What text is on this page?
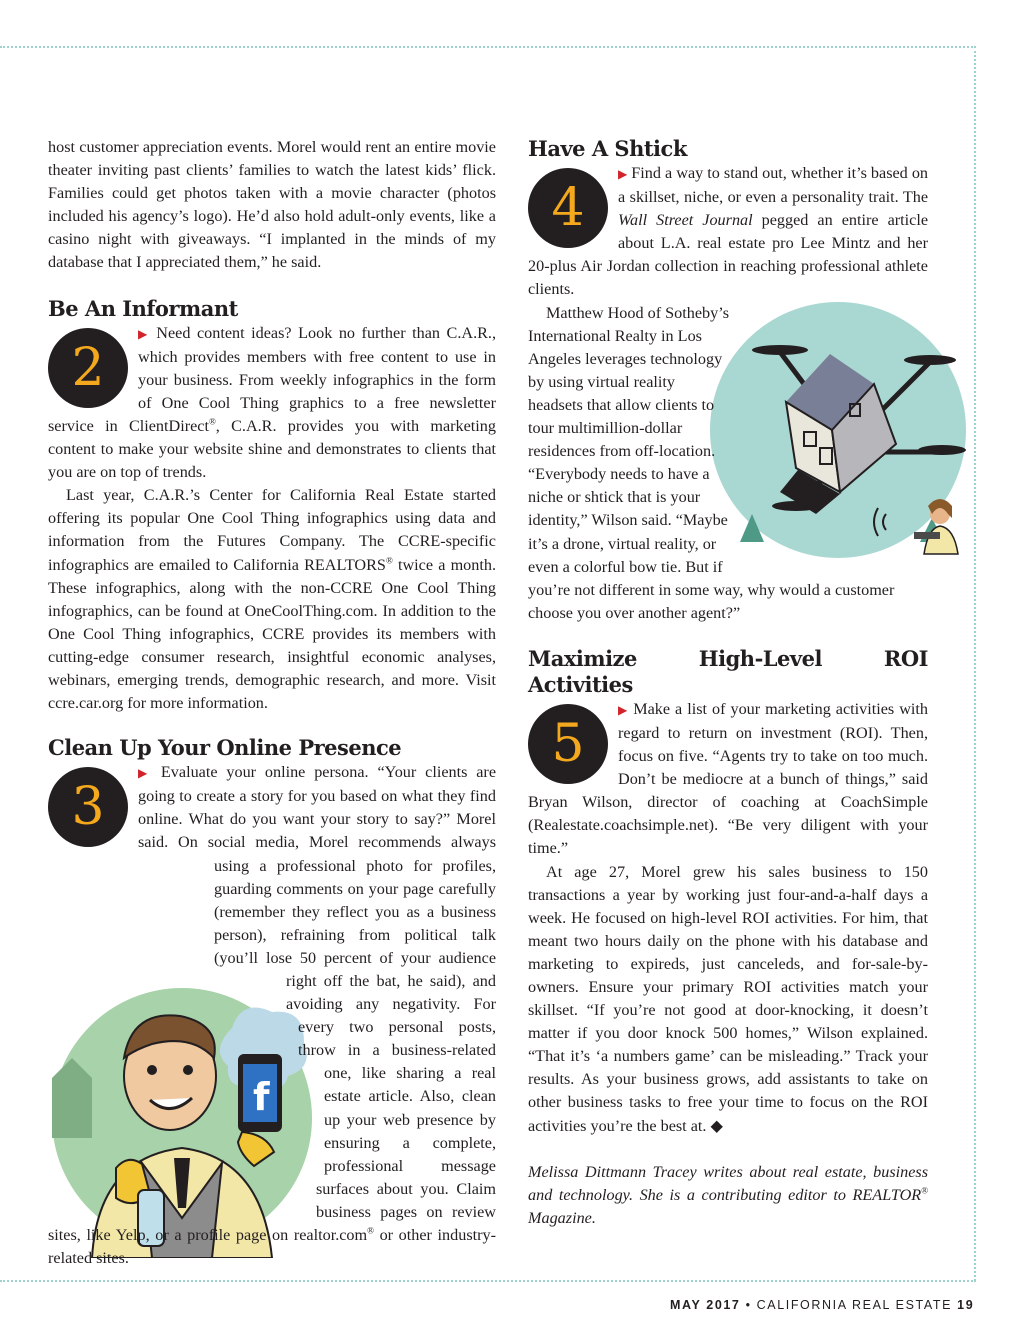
f

host customer appreciation events. Morel would rent an entire movie theater inviting past clients’ families to watch the latest kids’ flick. Families could get photos taken with a movie character (photos included his agency’s logo). He’d also hold adult-only events, like a casino night with giveaways. “I implanted in the minds of my database that I appreciated them,” he said.

Be An Informant
2

▶ Need content ideas? Look no further than C.A.R., which provides members with free content to use in your business. From weekly infographics in the form of One Cool Thing graphics to a free newsletter service in ClientDirect®, C.A.R. provides you with marketing content to make your website shine and demonstrates to clients that you are on top of trends.

Last year, C.A.R.’s Center for California Real Estate started offering its popular One Cool Thing infographics using data and information from the Futures Company. The CCRE-specific infographics are emailed to California REALTORS® twice a month. These infographics, along with the non-CCRE One Cool Thing infographics, can be found at OneCoolThing.com. In addition to the One Cool Thing infographics, CCRE provides its members with cutting-edge consumer research, insightful economic analyses, webinars, emerging trends, demographic research, and more. Visit ccre.car.org for more information.

Clean Up Your Online Presence
3

▶ Evaluate your online persona. “Your clients are going to create a story for you based on what they find online. What do you want your story to say?” Morel said. On social media, Morel recommends always using a professional photo for profiles, guarding comments on your page carefully (remember they reflect you as a business person), refraining from political talk (you’ll lose 50 percent of your audience right off the bat, he said), and avoiding any negativity. For every two personal posts, throw in a business-related one, like sharing a real estate article. Also, clean up your web presence by ensuring a complete, professional message surfaces about you. Claim business pages on review sites, like Yelp, or a profile page on realtor.com® or other industry-related sites.

Have A Shtick
4

▶ Find a way to stand out, whether it’s based on a skillset, niche, or even a personality trait. The Wall Street Journal pegged an entire article about L.A. real estate pro Lee Mintz and her 20-plus Air Jordan collection in reaching professional athlete clients.

Matthew Hood of Sotheby’s International Realty in Los Angeles leverages technology by using virtual reality headsets that allow clients to tour multimillion-dollar residences from off-location. “Everybody needs to have a niche or shtick that is your identity,” Wilson said. “Maybe it’s a drone, virtual reality, or even a colorful bow tie. But if you’re not different in some way, why would a customer choose you over another agent?”

Maximize High-Level ROI Activities
5

▶ Make a list of your marketing activities with regard to return on investment (ROI). Then, focus on five. “Agents try to take on too much. Don’t be mediocre at a bunch of things,” said Bryan Wilson, director of coaching at CoachSimple (Realestate.coachsimple.net). “Be very diligent with your time.”

At age 27, Morel grew his sales business to 150 transactions a year by working just four-and-a-half days a week. He focused on high-level ROI activities. For him, that meant two hours daily on the phone with his database and marketing to expireds, just canceleds, and for-sale-by-owners. Ensure your primary ROI activities match your skillset. “If you’re not good at door-knocking, it doesn’t matter if you door knock 500 homes,” Wilson explained. “That it’s ‘a numbers game’ can be misleading.” Track your results. As your business grows, add assistants to take on other business tasks to free your time to focus on the ROI activities you’re the best at. ◆

Melissa Dittmann Tracey writes about real estate, business and technology. She is a contributing editor to REALTOR® Magazine.

MAY 2017 • CALIFORNIA REAL ESTATE 19
